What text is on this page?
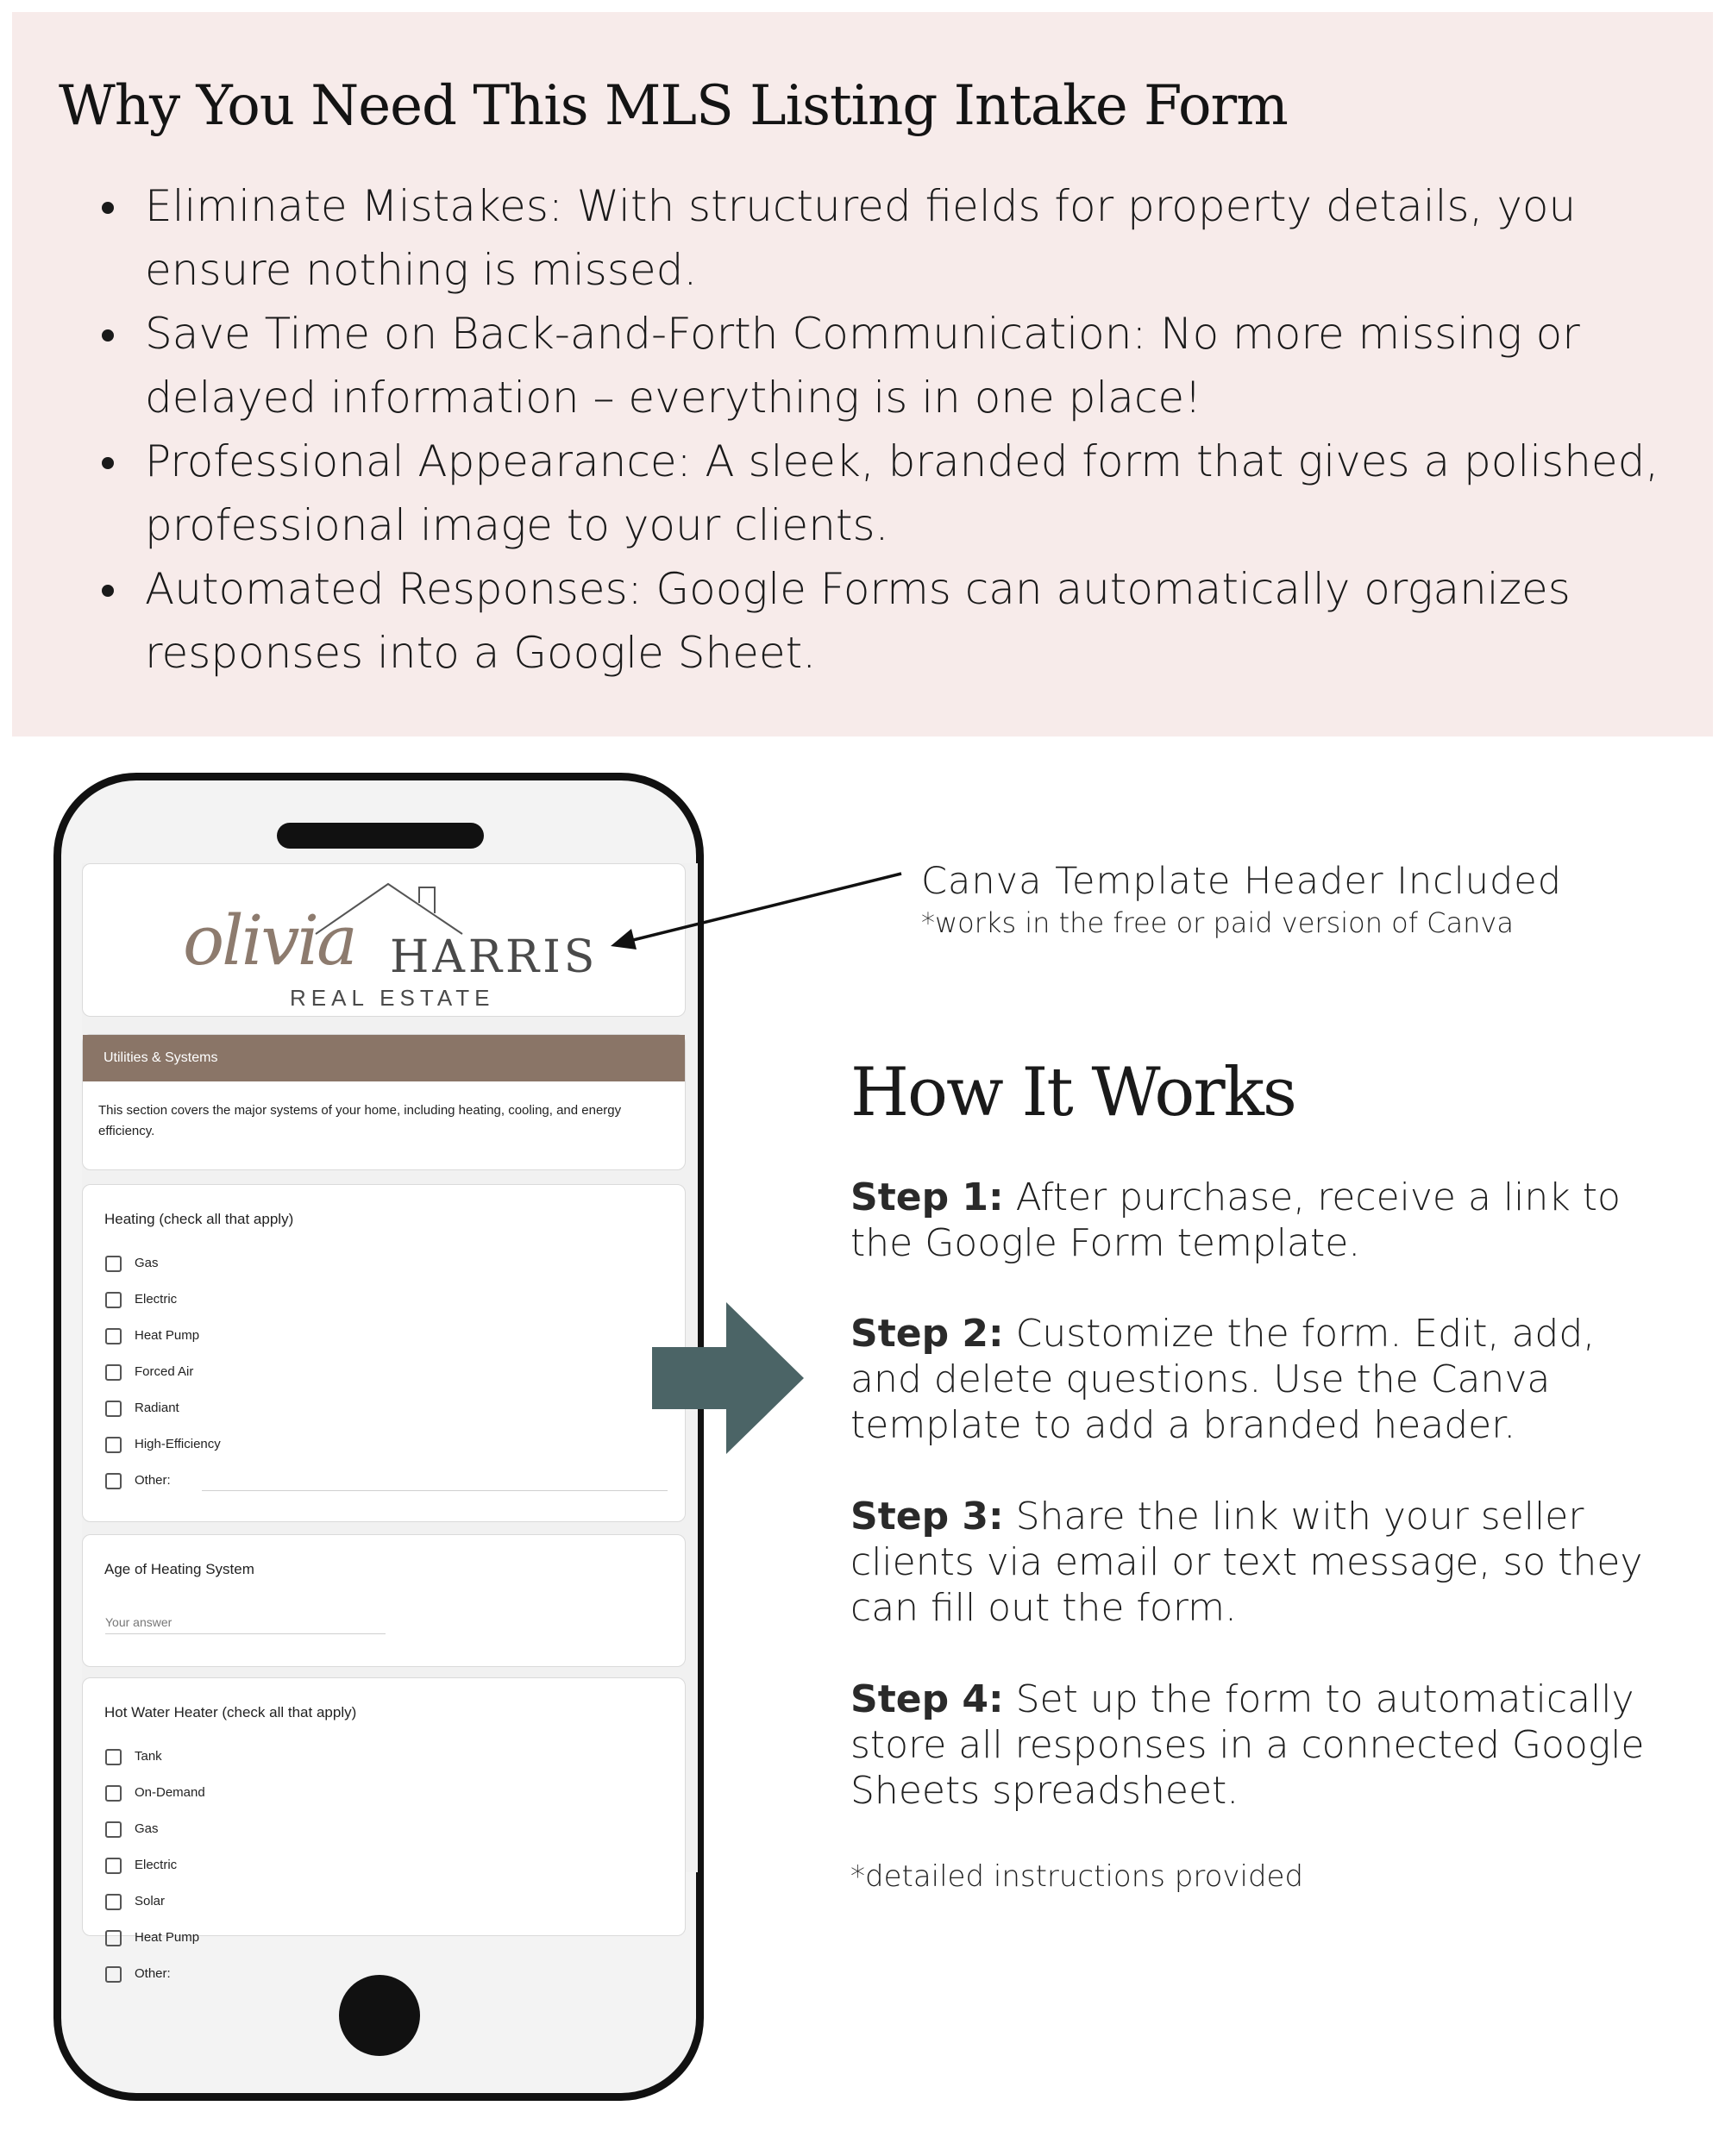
Why You Need This MLS Listing Intake Form
Eliminate Mistakes: With structured fields for property details, you ensure nothing is missed.
Save Time on Back-and-Forth Communication: No more missing or delayed information – everything is in one place!
Professional Appearance: A sleek, branded form that gives a polished, professional image to your clients.
Automated Responses: Google Forms can automatically organizes responses into a Google Sheet.
olivia HARRIS
REAL ESTATE
Utilities & Systems
This section covers the major systems of your home, including heating, cooling, and energy efficiency.
Heating (check all that apply)
Gas
Electric
Heat Pump
Forced Air
Radiant
High-Efficiency
Other:
Age of Heating System
Your answer
Hot Water Heater (check all that apply)
Tank
On-Demand
Gas
Electric
Solar
Heat Pump
Other:

Canva Template Header Included

*works in the free or paid version of Canva

How It Works

Step 1: After purchase, receive a link to the Google Form template.

Step 2: Customize the form. Edit, add, and delete questions. Use the Canva template to add a branded header.

Step 3: Share the link with your seller clients via email or text message, so they can fill out the form.

Step 4: Set up the form to automatically store all responses in a connected Google Sheets spreadsheet.

*detailed instructions provided
